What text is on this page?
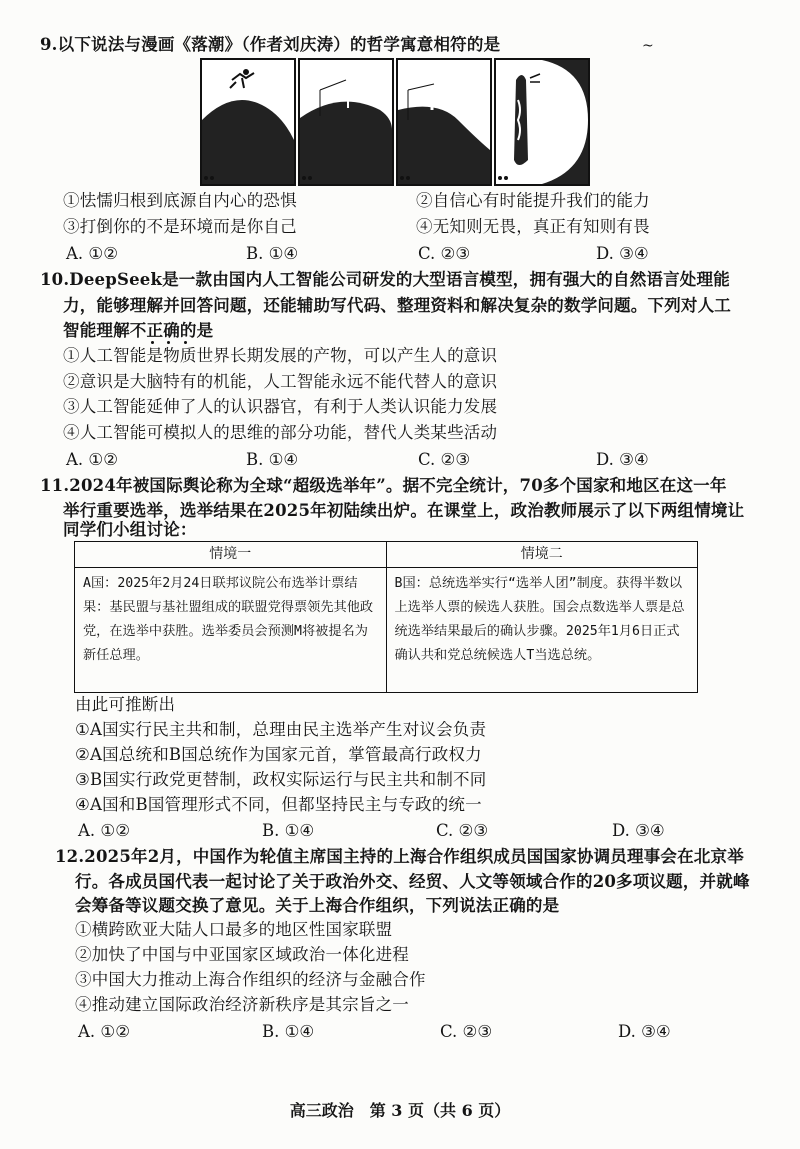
9.以下说法与漫画《落潮》（作者刘庆涛）的哲学寓意相符的是	~
①怯懦归根到底源自内心的恐惧	②自信心有时能提升我们的能力
③打倒你的不是环境而是你自己	④无知则无畏，真正有知则有畏
A. ①②	B. ①④	C. ②③	D. ③④
10.DeepSeek是一款由国内人工智能公司研发的大型语言模型，拥有强大的自然语言处理能
力，能够理解并回答问题，还能辅助写代码、整理资料和解决复杂的数学问题。下列对人工
智能理解不正确的是
①人工智能是物质世界长期发展的产物，可以产生人的意识
②意识是大脑特有的机能，人工智能永远不能代替人的意识
③人工智能延伸了人的认识器官，有利于人类认识能力发展
④人工智能可模拟人的思维的部分功能，替代人类某些活动
A. ①②	B. ①④	C. ②③	D. ③④
11.2024年被国际舆论称为全球“超级选举年”。据不完全统计，70多个国家和地区在这一年
举行重要选举，选举结果在2025年初陆续出炉。在课堂上，政治教师展示了以下两组情境让
同学们小组讨论：
情境一	情境二
A国：2025年2月24日联邦议院公布选举计票结果：基民盟与基社盟组成的联盟党得票领先其他政党，在选举中获胜。选举委员会预测M将被提名为新任总理。	B国：总统选举实行“选举人团”制度。获得半数以上选举人票的候选人获胜。国会点数选举人票是总统选举结果最后的确认步骤。2025年1月6日正式确认共和党总统候选人T当选总统。
由此可推断出
①A国实行民主共和制，总理由民主选举产生对议会负责
②A国总统和B国总统作为国家元首，掌管最高行政权力
③B国实行政党更替制，政权实际运行与民主共和制不同
④A国和B国管理形式不同，但都坚持民主与专政的统一
A. ①②	B. ①④	C. ②③	D. ③④
12.2025年2月，中国作为轮值主席国主持的上海合作组织成员国国家协调员理事会在北京举
行。各成员国代表一起讨论了关于政治外交、经贸、人文等领域合作的20多项议题，并就峰
会筹备等议题交换了意见。关于上海合作组织，下列说法正确的是
①横跨欧亚大陆人口最多的地区性国家联盟
②加快了中国与中亚国家区域政治一体化进程
③中国大力推动上海合作组织的经济与金融合作
④推动建立国际政治经济新秩序是其宗旨之一
A. ①②	B. ①④	C. ②③	D. ③④
高三政治　第 3 页（共 6 页）
